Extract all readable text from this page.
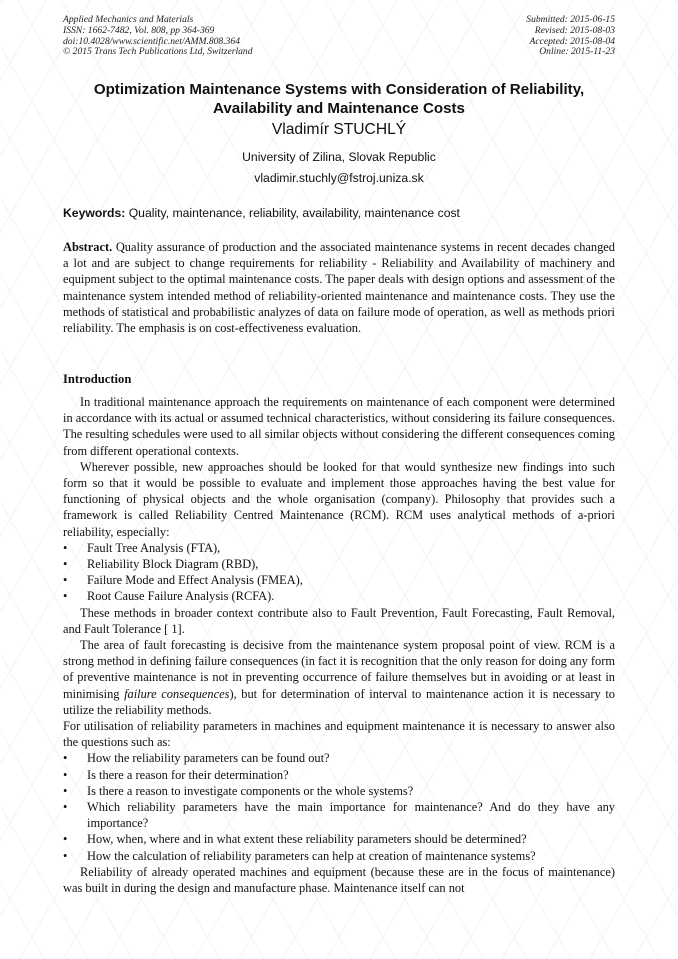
Applied Mechanics and Materials
ISSN: 1662-7482, Vol. 808, pp 364-369
doi:10.4028/www.scientific.net/AMM.808.364
© 2015 Trans Tech Publications Ltd, Switzerland
Submitted: 2015-06-15
Revised: 2015-08-03
Accepted: 2015-08-04
Online: 2015-11-23
Optimization Maintenance Systems with Consideration of Reliability,
Availability and Maintenance Costs
Vladimír STUCHLÝ
University of Zilina, Slovak Republic
vladimir.stuchly@fstroj.uniza.sk
Keywords: Quality, maintenance, reliability, availability, maintenance cost
Abstract. Quality assurance of production and the associated maintenance systems in recent decades changed a lot and are subject to change requirements for reliability - Reliability and Availability of machinery and equipment subject to the optimal maintenance costs. The paper deals with design options and assessment of the maintenance system intended method of reliability-oriented maintenance and maintenance costs. They use the methods of statistical and probabilistic analyzes of data on failure mode of operation, as well as methods priori reliability. The emphasis is on cost-effectiveness evaluation.
Introduction

In traditional maintenance approach the requirements on maintenance of each component were determined in accordance with its actual or assumed technical characteristics, without considering its failure consequences. The resulting schedules were used to all similar objects without considering the different consequences coming from different operational contexts.

Wherever possible, new approaches should be looked for that would synthesize new findings into such form so that it would be possible to evaluate and implement those approaches having the best value for functioning of physical objects and the whole organisation (company). Philosophy that provides such a framework is called Reliability Centred Maintenance (RCM). RCM uses analytical methods of a-priori reliability, especially:

• Fault Tree Analysis (FTA),
• Reliability Block Diagram (RBD),
• Failure Mode and Effect Analysis (FMEA),
• Root Cause Failure Analysis (RCFA).

These methods in broader context contribute also to Fault Prevention, Fault Forecasting, Fault Removal, and Fault Tolerance [ 1].

The area of fault forecasting is decisive from the maintenance system proposal point of view. RCM is a strong method in defining failure consequences (in fact it is recognition that the only reason for doing any form of preventive maintenance is not in preventing occurrence of failure themselves but in avoiding or at least in minimising failure consequences), but for determination of interval to maintenance action it is necessary to utilize the reliability methods.

For utilisation of reliability parameters in machines and equipment maintenance it is necessary to answer also the questions such as:

• How the reliability parameters can be found out?
• Is there a reason for their determination?
• Is there a reason to investigate components or the whole systems?
• Which reliability parameters have the main importance for maintenance? And do they have any importance?
• How, when, where and in what extent these reliability parameters should be determined?
• How the calculation of reliability parameters can help at creation of maintenance systems?

Reliability of already operated machines and equipment (because these are in the focus of maintenance) was built in during the design and manufacture phase. Maintenance itself can not
